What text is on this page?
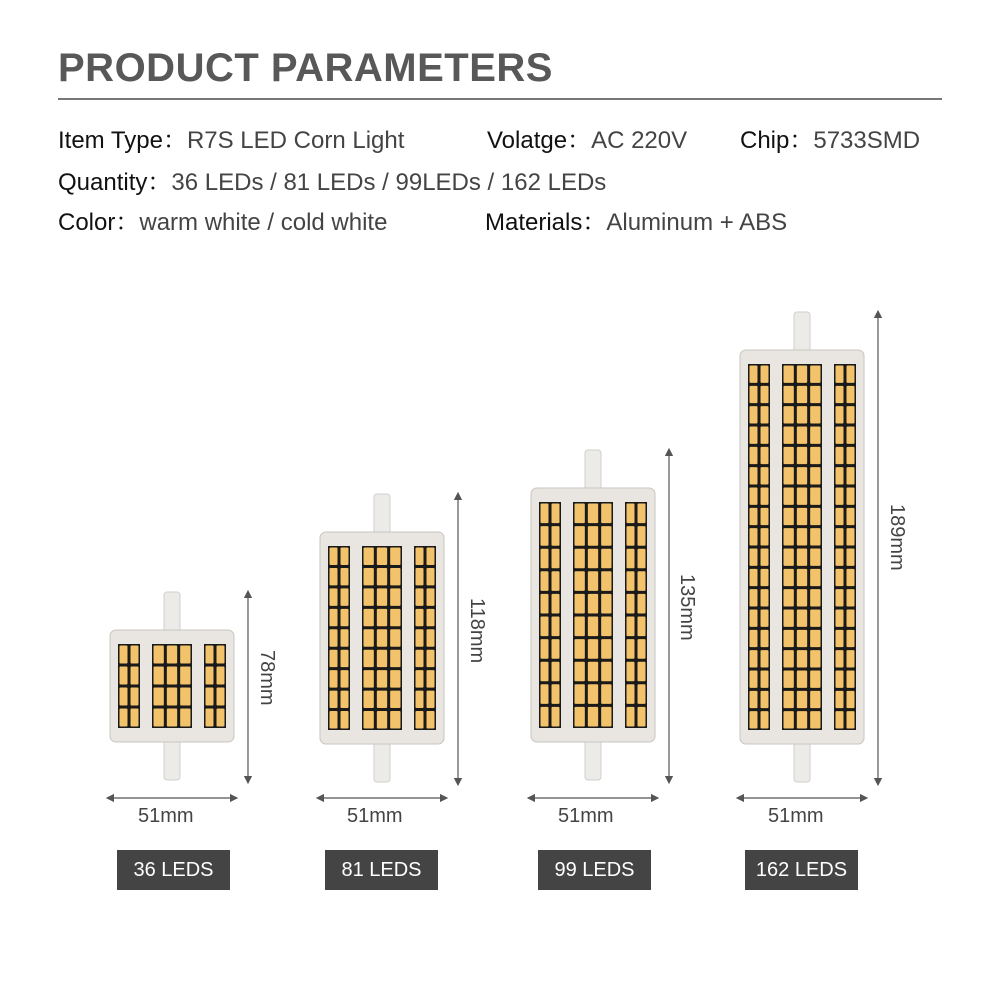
PRODUCT PARAMETERS
Item Type：R7S LED Corn Light	Volatge：AC 220V Chip：5733SMD
Quantity：36 LEDs / 81 LEDs / 99LEDs / 162 LEDs
Color：warm white / cold white	Materials：Aluminum + ABS
51mm	51mm	51mm	51mm
78mm
118mm	135mm
189mm
36 LEDS	81 LEDS	99 LEDS	162 LEDS
